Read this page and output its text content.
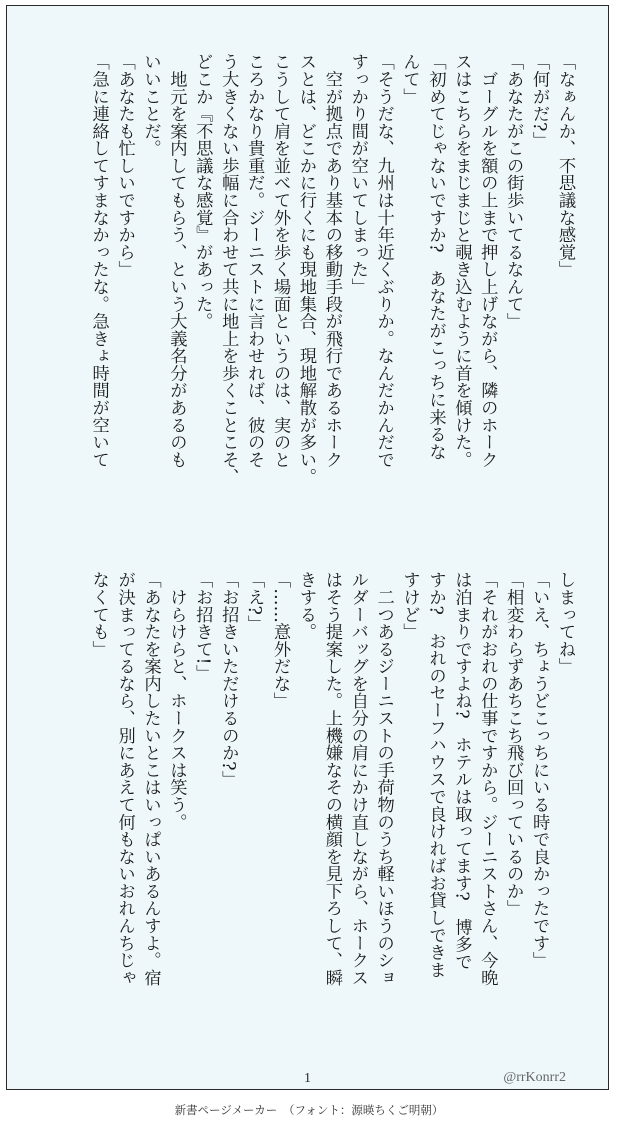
「なぁんか、不思議な感覚」
「何がだ?」
「あなたがこの街歩いてるなんて」
　ゴーグルを額の上まで押し上げながら、隣のホーク
スはこちらをまじまじと覗き込むように首を傾けた。
「初めてじゃないですか?　あなたがこっちに来るな
んて」
「そうだな、九州は十年近くぶりか。なんだかんだで
すっかり間が空いてしまった」
　空が拠点であり基本の移動手段が飛行であるホーク
スとは、どこかに行くにも現地集合、現地解散が多い。
こうして肩を並べて外を歩く場面というのは、実のと
ころかなり貴重だ。ジーニストに言わせれば、彼のそ
う大きくない歩幅に合わせて共に地上を歩くことこそ、
どこか『不思議な感覚』があった。
　地元を案内してもらう、という大義名分があるのも
いいことだ。
「あなたも忙しいですから」
「急に連絡してすまなかったな。急きょ時間が空いて
しまってね」
「いえ、ちょうどこっちにいる時で良かったです」
「相変わらずあちこち飛び回っているのか」
「それがおれの仕事ですから。ジーニストさん、今晩
は泊まりですよね?　ホテルは取ってます?　博多で
すか?　おれのセーフハウスで良ければお貸しできま
すけど」
　二つあるジーニストの手荷物のうち軽いほうのショ
ルダーバッグを自分の肩にかけ直しながら、ホークス
はそう提案した。上機嫌なその横顔を見下ろして、瞬
きする。
「……意外だな」
「え?」
「お招きいただけるのか?」
「お招きて!」
　けらけらと、ホークスは笑う。
「あなたを案内したいとこはいっぱいあるんすよ。宿
が決まってるなら、別にあえて何もないおれんちじゃ
なくても」
1	@rrKonrr2
新書ページメーカー　（フォント：源暎ちくご明朝）
